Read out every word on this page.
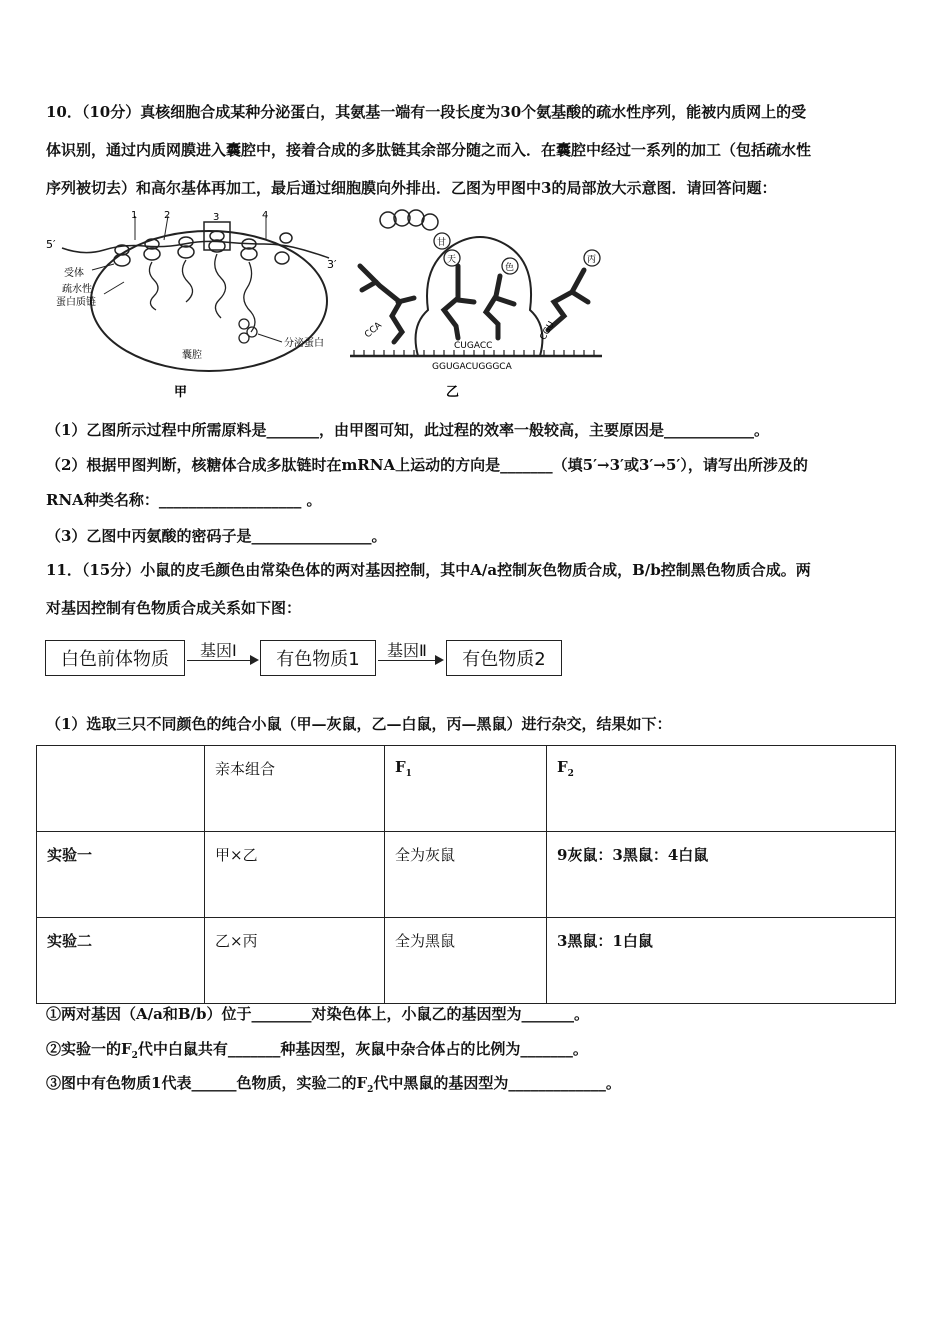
10．（10分）真核细胞合成某种分泌蛋白，其氨基一端有一段长度为30个氨基酸的疏水性序列，能被内质网上的受
体识别，通过内质网膜进入囊腔中，接着合成的多肽链其余部分随之而入．在囊腔中经过一系列的加工（包括疏水性
序列被切去）和高尔基体再加工，最后通过细胞膜向外排出．乙图为甲图中3的局部放大示意图．请回答问题：
1	2	3	4
5′
3′
受体
疏水性
蛋白质链
分泌蛋白
囊腔
甲
甘
天
色
丙
CCA
CUGACC
CGU
GGUGACUGGGCA
乙
（1）乙图所示过程中所需原料是_______，由甲图可知，此过程的效率一般较高，主要原因是____________。
（2）根据甲图判断，核糖体合成多肽链时在mRNA上运动的方向是_______（填5′→3′或3′→5′），请写出所涉及的
RNA种类名称：___________________ 。
（3）乙图中丙氨酸的密码子是________________。
11．（15分）小鼠的皮毛颜色由常染色体的两对基因控制，其中A/a控制灰色物质合成，B/b控制黑色物质合成。两
对基因控制有色物质合成关系如下图：
白色前体物质	基因Ⅰ	有色物质1	基因Ⅱ	有色物质2
（1）选取三只不同颜色的纯合小鼠（甲—灰鼠，乙—白鼠，丙—黑鼠）进行杂交，结果如下：
	亲本组合	$F_1$	$F_2$
实验一	甲×乙	全为灰鼠	9灰鼠：3黑鼠：4白鼠
实验二	乙×丙	全为黑鼠	3黑鼠：1白鼠
①两对基因（A/a和B/b）位于________对染色体上，小鼠乙的基因型为_______。
②实验一的$F_2$代中白鼠共有_______种基因型，灰鼠中杂合体占的比例为_______。
③图中有色物质1代表______色物质，实验二的$F_2$代中黑鼠的基因型为_____________。
